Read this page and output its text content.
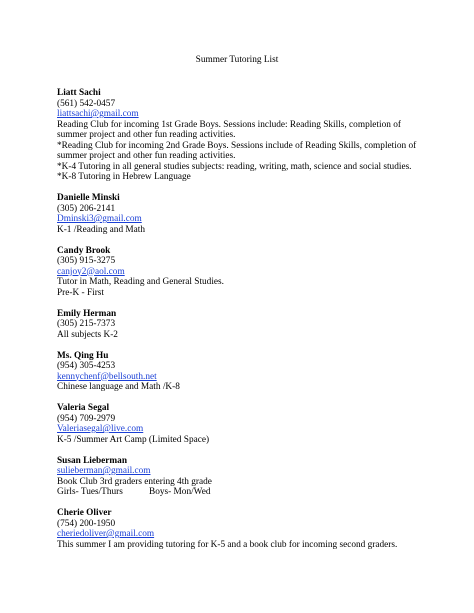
Summer Tutoring List
Liatt Sachi
(561) 542-0457
liattsachi@gmail.com
Reading Club for incoming 1st Grade Boys. Sessions include: Reading Skills, completion of summer project and other fun reading activities.
*Reading Club for incoming 2nd Grade Boys. Sessions include of Reading Skills, completion of summer project and other fun reading activities.
*K-4 Tutoring in all general studies subjects: reading, writing, math, science and social studies.
*K-8 Tutoring in Hebrew Language
Danielle Minski
(305) 206-2141
Dminski3@gmail.com
K-1 /Reading and Math
Candy Brook
(305) 915-3275
canjoy2@aol.com
Tutor in Math, Reading and General Studies.
Pre-K - First
Emily Herman
(305) 215-7373
All subjects K-2
Ms. Qing Hu
(954) 305-4253
kennychenf@bellsouth.net
Chinese language and Math /K-8
Valeria Segal
(954) 709-2979
Valeriasegal@live.com
K-5 /Summer Art Camp (Limited Space)
Susan Lieberman
sulieberman@gmail.com
Book Club 3rd graders entering 4th grade
Girls- Tues/Thurs	Boys- Mon/Wed
Cherie Oliver
(754) 200-1950
cheriedoliver@gmail.com
This summer I am providing tutoring for K-5 and a book club for incoming second graders.
